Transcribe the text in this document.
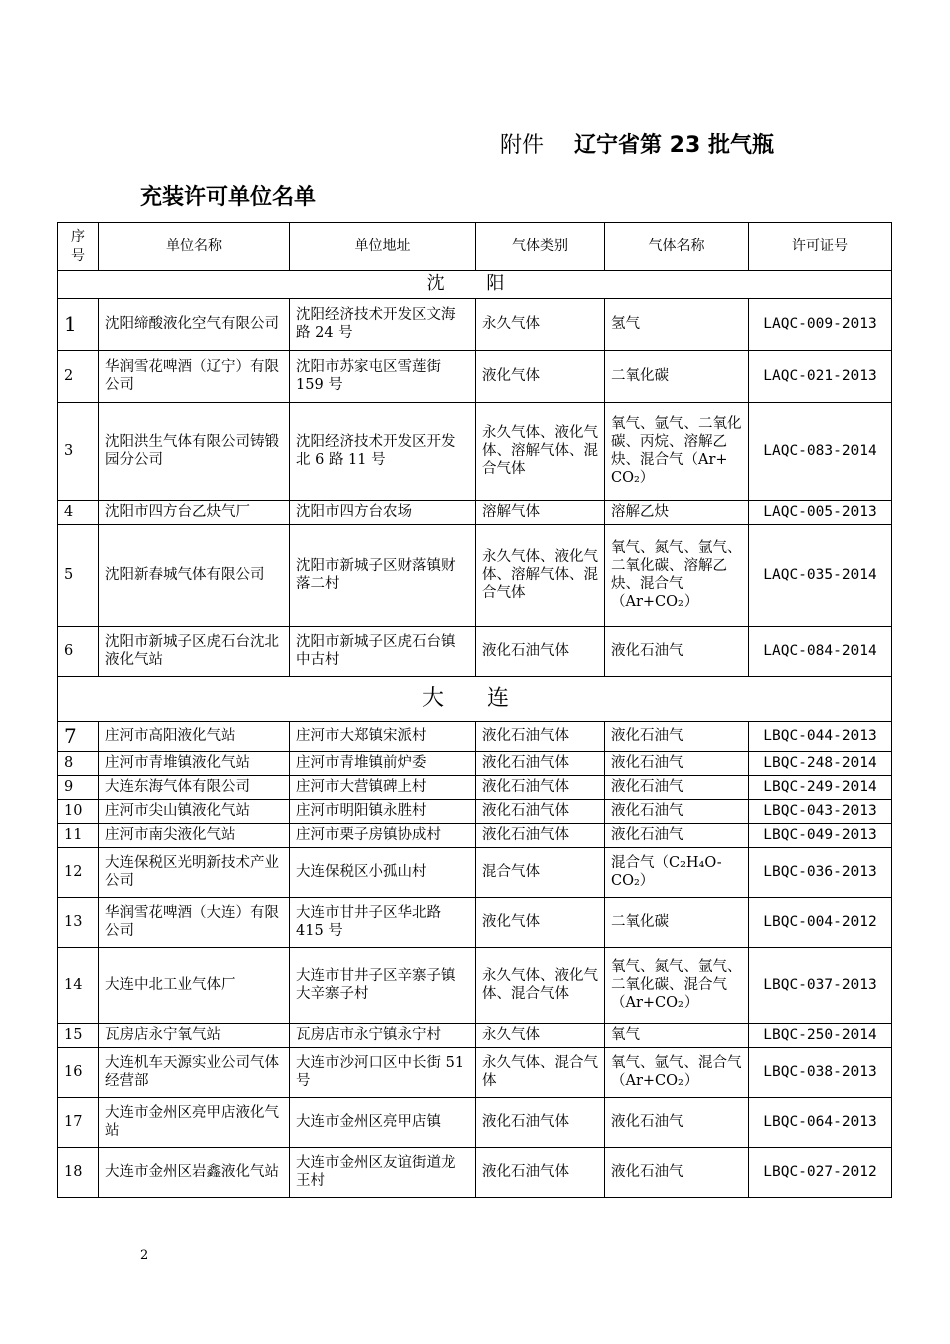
附件 辽宁省第 23 批气瓶
充装许可单位名单
序
号	单位名称	单位地址	气体类别	气体名称	许可证号
沈 阳					
1	沈阳缔酸液化空气有限公司	沈阳经济技术开发区文海路 24 号	永久气体	氢气	LAQC-009-2013
2	华润雪花啤酒（辽宁）有限公司	沈阳市苏家屯区雪莲街 159 号	液化气体	二氧化碳	LAQC-021-2013
3	沈阳洪生气体有限公司铸锻园分公司	沈阳经济技术开发区开发北 6 路 11 号	永久气体、液化气体、溶解气体、混合气体	氧气、氩气、二氧化碳、丙烷、溶解乙炔、混合气（Ar+ CO₂）	LAQC-083-2014
4	沈阳市四方台乙炔气厂	沈阳市四方台农场	溶解气体	溶解乙炔	LAQC-005-2013
5	沈阳新春城气体有限公司	沈阳市新城子区财落镇财落二村	永久气体、液化气体、溶解气体、混合气体	氧气、氮气、氩气、二氧化碳、溶解乙炔、混合气（Ar+CO₂）	LAQC-035-2014
6	沈阳市新城子区虎石台沈北液化气站	沈阳市新城子区虎石台镇中古村	液化石油气体	液化石油气	LAQC-084-2014
大 连					
7	庄河市高阳液化气站	庄河市大郑镇宋派村	液化石油气体	液化石油气	LBQC-044-2013
8	庄河市青堆镇液化气站	庄河市青堆镇前炉委	液化石油气体	液化石油气	LBQC-248-2014
9	大连东海气体有限公司	庄河市大营镇碑上村	液化石油气体	液化石油气	LBQC-249-2014
10	庄河市尖山镇液化气站	庄河市明阳镇永胜村	液化石油气体	液化石油气	LBQC-043-2013
11	庄河市南尖液化气站	庄河市栗子房镇协成村	液化石油气体	液化石油气	LBQC-049-2013
12	大连保税区光明新技术产业公司	大连保税区小孤山村	混合气体	混合气（C₂H₄O-CO₂）	LBQC-036-2013
13	华润雪花啤酒（大连）有限公司	大连市甘井子区华北路 415 号	液化气体	二氧化碳	LBQC-004-2012
14	大连中北工业气体厂	大连市甘井子区辛寨子镇大辛寨子村	永久气体、液化气体、混合气体	氧气、氮气、氩气、二氧化碳、混合气（Ar+CO₂）	LBQC-037-2013
15	瓦房店永宁氧气站	瓦房店市永宁镇永宁村	永久气体	氧气	LBQC-250-2014
16	大连机车天源实业公司气体经营部	大连市沙河口区中长街 51 号	永久气体、混合气体	氧气、氩气、混合气（Ar+CO₂）	LBQC-038-2013
17	大连市金州区亮甲店液化气站	大连市金州区亮甲店镇	液化石油气体	液化石油气	LBQC-064-2013
18	大连市金州区岩鑫液化气站	大连市金州区友谊街道龙王村	液化石油气体	液化石油气	LBQC-027-2012
2
